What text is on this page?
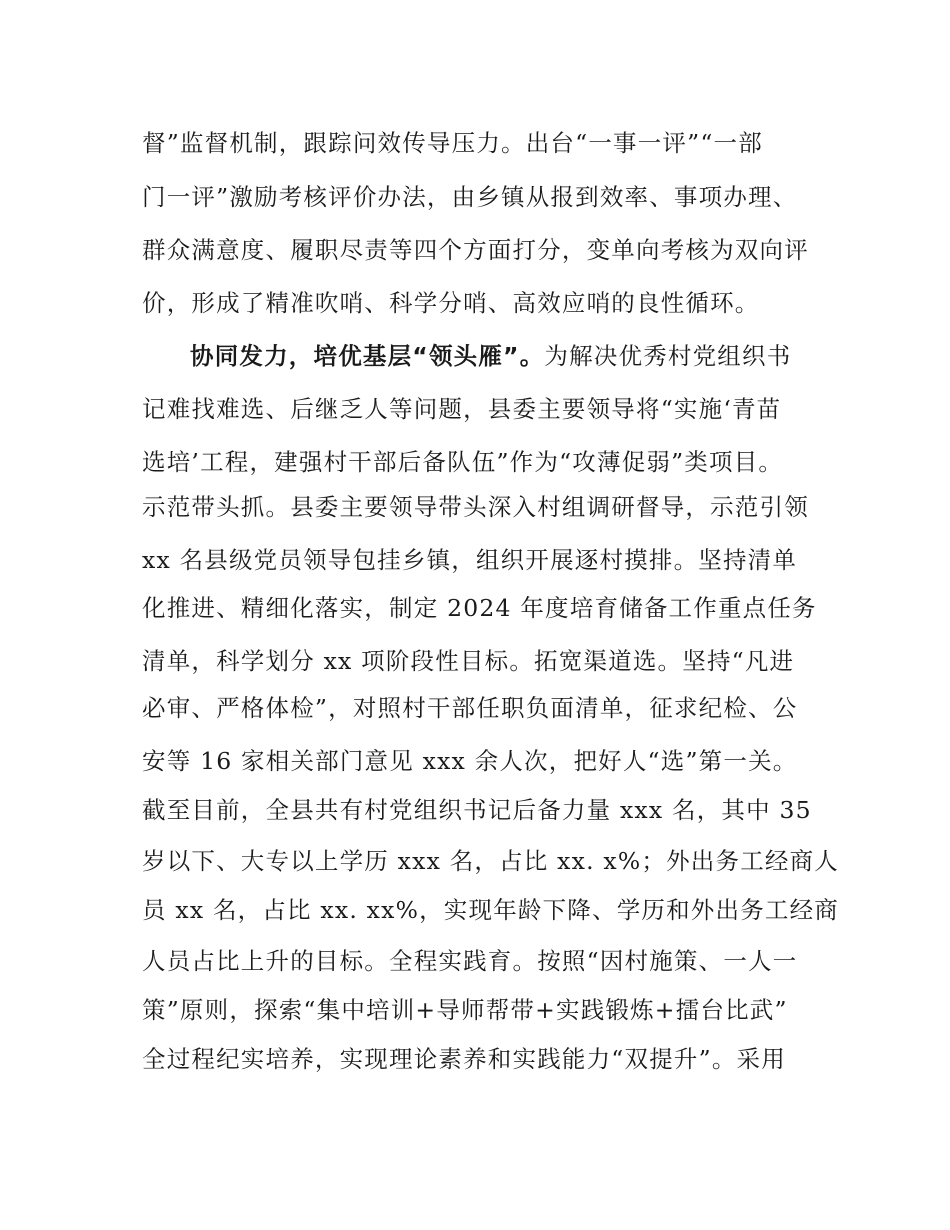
督”监督机制，跟踪问效传导压力。出台“一事一评”“一部
门一评”激励考核评价办法，由乡镇从报到效率、事项办理、
群众满意度、履职尽责等四个方面打分，变单向考核为双向评
价，形成了精准吹哨、科学分哨、高效应哨的良性循环。
协同发力，培优基层“领头雁”。为解决优秀村党组织书
记难找难选、后继乏人等问题，县委主要领导将“实施‘青苗
选培’工程，建强村干部后备队伍”作为“攻薄促弱”类项目。
示范带头抓。县委主要领导带头深入村组调研督导，示范引领
xx 名县级党员领导包挂乡镇，组织开展逐村摸排。坚持清单
化推进、精细化落实，制定 2024 年度培育储备工作重点任务
清单，科学划分 xx 项阶段性目标。拓宽渠道选。坚持“凡进
必审、严格体检”，对照村干部任职负面清单，征求纪检、公
安等 16 家相关部门意见 xxx 余人次，把好人“选”第一关。
截至目前，全县共有村党组织书记后备力量 xxx 名，其中 35
岁以下、大专以上学历 xxx 名，占比 xx. x%；外出务工经商人
员 xx 名，占比 xx. xx%，实现年龄下降、学历和外出务工经商
人员占比上升的目标。全程实践育。按照“因村施策、一人一
策”原则，探索“集中培训+导师帮带+实践锻炼+擂台比武”
全过程纪实培养，实现理论素养和实践能力“双提升”。采用
